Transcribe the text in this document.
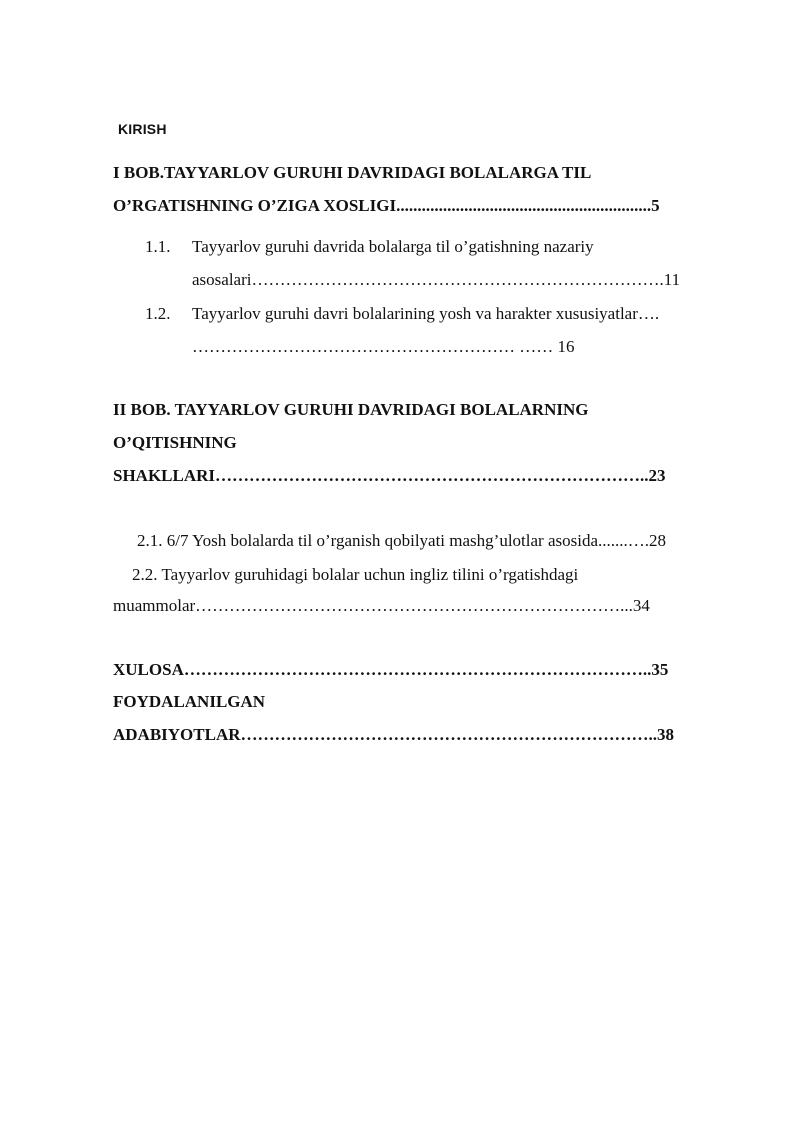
KIRISH
I BOB.TAYYARLOV GURUHI DAVRIDAGI BOLALARGA TIL
O’RGATISHNING O’ZIGA XOSLIGI............................................................5
1.1. Tayyarlov guruhi davrida bolalarga til o’gatishning nazariy
asosalari……………………………………………………………….11
1.2. Tayyarlov guruhi davri bolalarining yosh va harakter xususiyatlar….
………………………………………………… …… 16
II BOB. TAYYARLOV GURUHI DAVRIDAGI BOLALARNING
O’QITISHNING
SHAKLLARI…………………………………………………………………..23
2.1. 6/7 Yosh bolalarda til o’rganish qobilyati mashg’ulotlar asosida.......….28
2.2. Tayyarlov guruhidagi bolalar uchun ingliz tilini o’rgatishdagi
muammolar…………………………………………………………………...34
XULOSA………………………………………………………………………..35
FOYDALANILGAN
ADABIYOTLAR………………………………………………………………..38
